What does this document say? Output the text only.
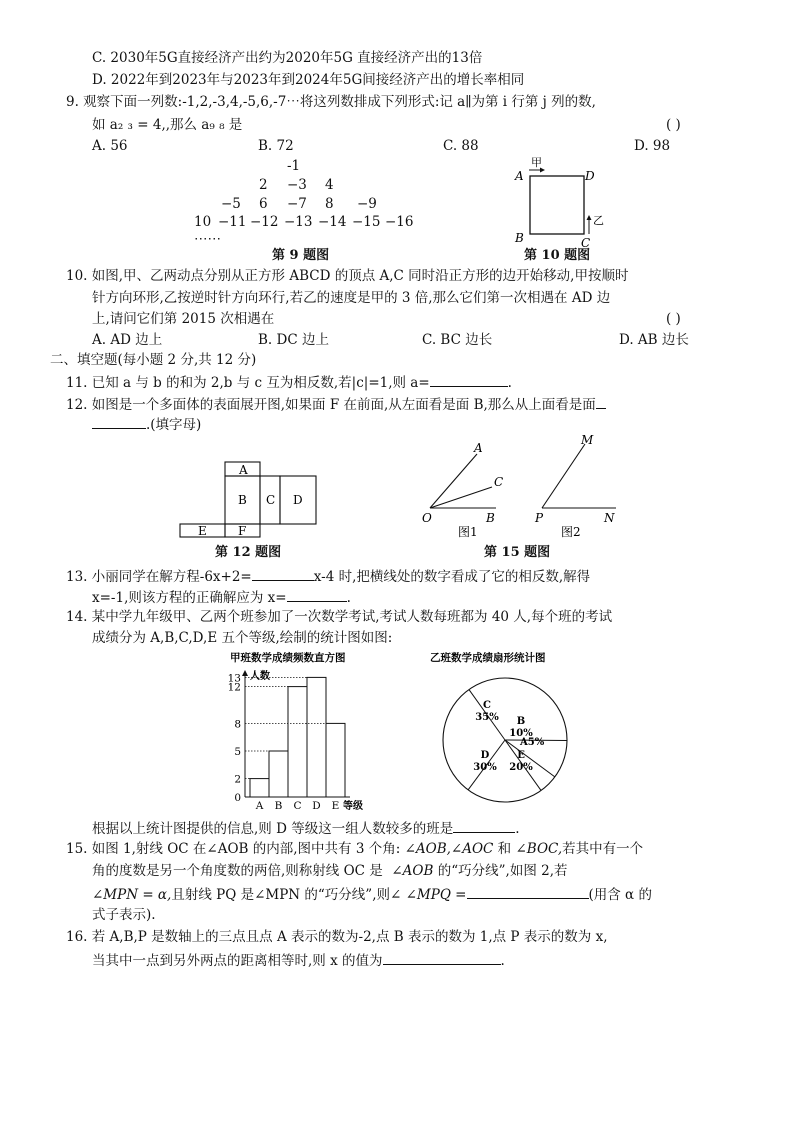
C. 2030年5G直接经济产出约为2020年5G 直接经济产出的13倍
D. 2022年到2023年与2023年到2024年5G间接经济产出的增长率相同
9. 观察下面一列数:-1,2,-3,4,-5,6,-7⋯将这列数排成下列形式:记 a∥为第 i 行第 j 列的数,
如 a₂ ₃ = 4,,那么 a₉ ₈ 是	( )
A. 56	B. 72	C. 88	D. 98
-1
2 −3 4
−5 6 −7 8 −9
10 −11 −12 −13 −14 −15 −16
⋯⋯
第 9 题图
A
B	C
D
甲
乙
第 10 题图
10. 如图,甲、乙两动点分别从正方形 ABCD 的顶点 A,C 同时沿正方形的边开始移动,甲按顺时
针方向环形,乙按逆时针方向环行,若乙的速度是甲的 3 倍,那么它们第一次相遇在 AD 边
上,请问它们第 2015 次相遇在	( )
A. AD 边上	B. DC 边上	C. BC 边长	D. AB 边长
二、填空题(每小题 2 分,共 12 分)
11. 已知 a 与 b 的和为 2,b 与 c 互为相反数,若|c|=1,则 a=	.
12. 如图是一个多面体的表面展开图,如果面 F 在前面,从左面看是面 B,那么从上面看是面
.(填字母)
A
B C D
E	F
第 12 题图
A
C
O	B
图1
M
P	N
图2
第 15 题图
13. 小丽同学在解方程-6x+2=	x-4 时,把横线处的数字看成了它的相反数,解得
x=-1,则该方程的正确解应为 x=	.
14. 某中学九年级甲、乙两个班参加了一次数学考试,考试人数每班都为 40 人,每个班的考试
成绩分为 A,B,C,D,E 五个等级,绘制的统计图如图:
甲班数学成绩频数直方图
人数
等级
0
2
5
8
12
13
A B C D E
乙班数学成绩扇形统计图
C
35% B
10%
A5%
E
20%
D
30%
根据以上统计图提供的信息,则 D 等级这一组人数较多的班是	.
15. 如图 1,射线 OC 在∠AOB 的内部,图中共有 3 个角: ∠AOB,∠AOC 和 ∠BOC,若其中有一个
角的度数是另一个角度数的两倍,则称射线 OC 是 ∠AOB 的“巧分线”,如图 2,若
∠MPN = α,且射线 PQ 是∠MPN 的“巧分线”,则∠ ∠MPQ =	(用含 α 的
式子表示).
16. 若 A,B,P 是数轴上的三点且点 A 表示的数为-2,点 B 表示的数为 1,点 P 表示的数为 x,
当其中一点到另外两点的距离相等时,则 x 的值为	.
